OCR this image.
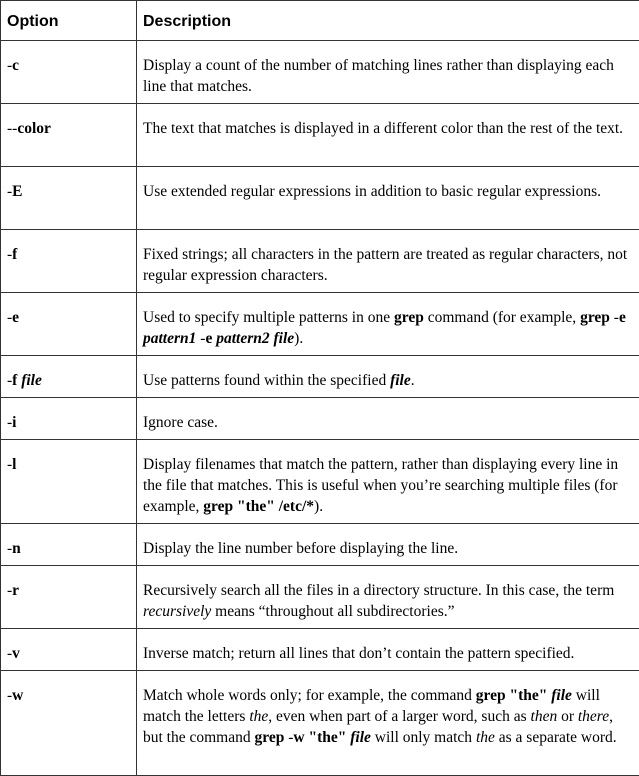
Option	Description
-c	Display a count of the number of matching lines rather than displaying each line that matches.
--color	The text that matches is displayed in a different color than the rest of the text.
-E	Use extended regular expressions in addition to basic regular expressions.
-f	Fixed strings; all characters in the pattern are treated as regular characters, not regular expression characters.
-e	Used to specify multiple patterns in one grep command (for example, grep -e pattern1 -e pattern2 file).
-f file	Use patterns found within the specified file.
-i	Ignore case.
-l	Display filenames that match the pattern, rather than displaying every line in the file that matches. This is useful when you’re searching multiple files (for example, grep "the" /etc/*).
-n	Display the line number before displaying the line.
-r	Recursively search all the files in a directory structure. In this case, the term recursively means “throughout all subdirectories.”
-v	Inverse match; return all lines that don’t contain the pattern specified.
-w	Match whole words only; for example, the command grep "the" file will match the letters the, even when part of a larger word, such as then or there, but the command grep -w "the" file will only match the as a separate word.
